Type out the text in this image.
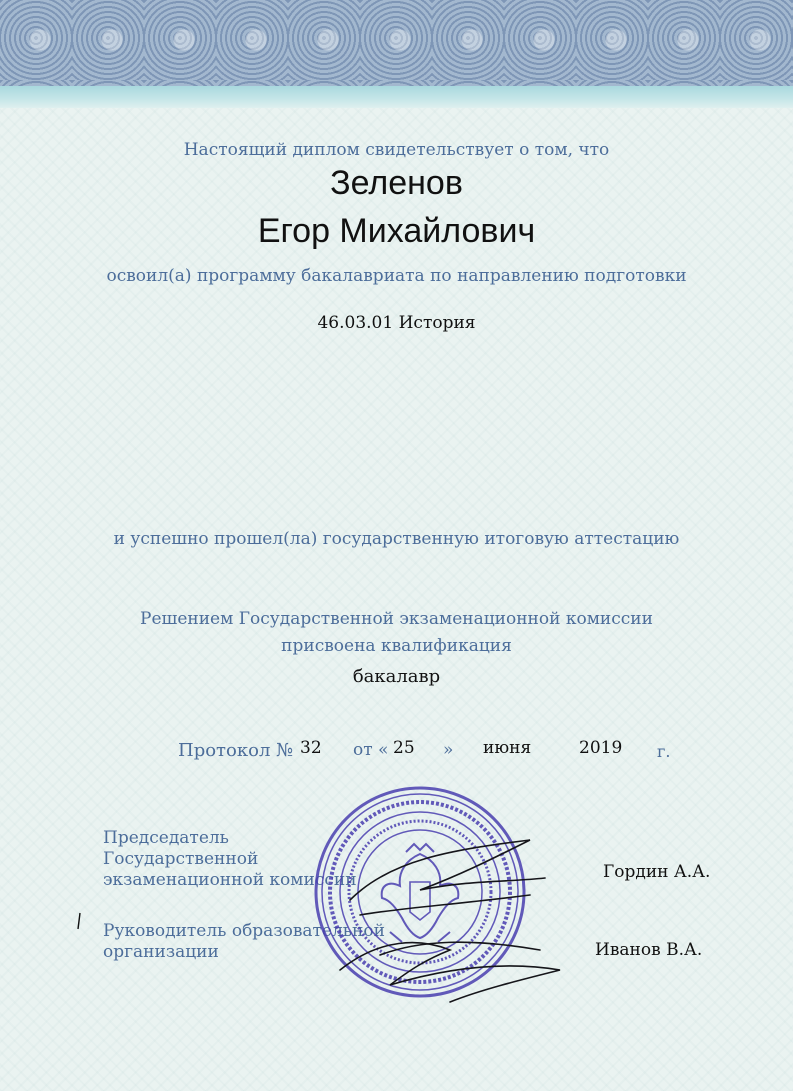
Настоящий диплом свидетельствует о том, что
Зеленов
Егор Михайлович
освоил(а) программу бакалавриата по направлению подготовки
46.03.01 История
и успешно прошел(ла) государственную итоговую аттестацию
Решением Государственной экзаменационной комиссии
присвоена квалификация
бакалавр
Протокол № 32 от « 25 » июня	2019 г.
Председатель
Государственной
экзаменационной комиссии	Гордин А.А.
Руководитель образовательной
организации	Иванов В.А.
